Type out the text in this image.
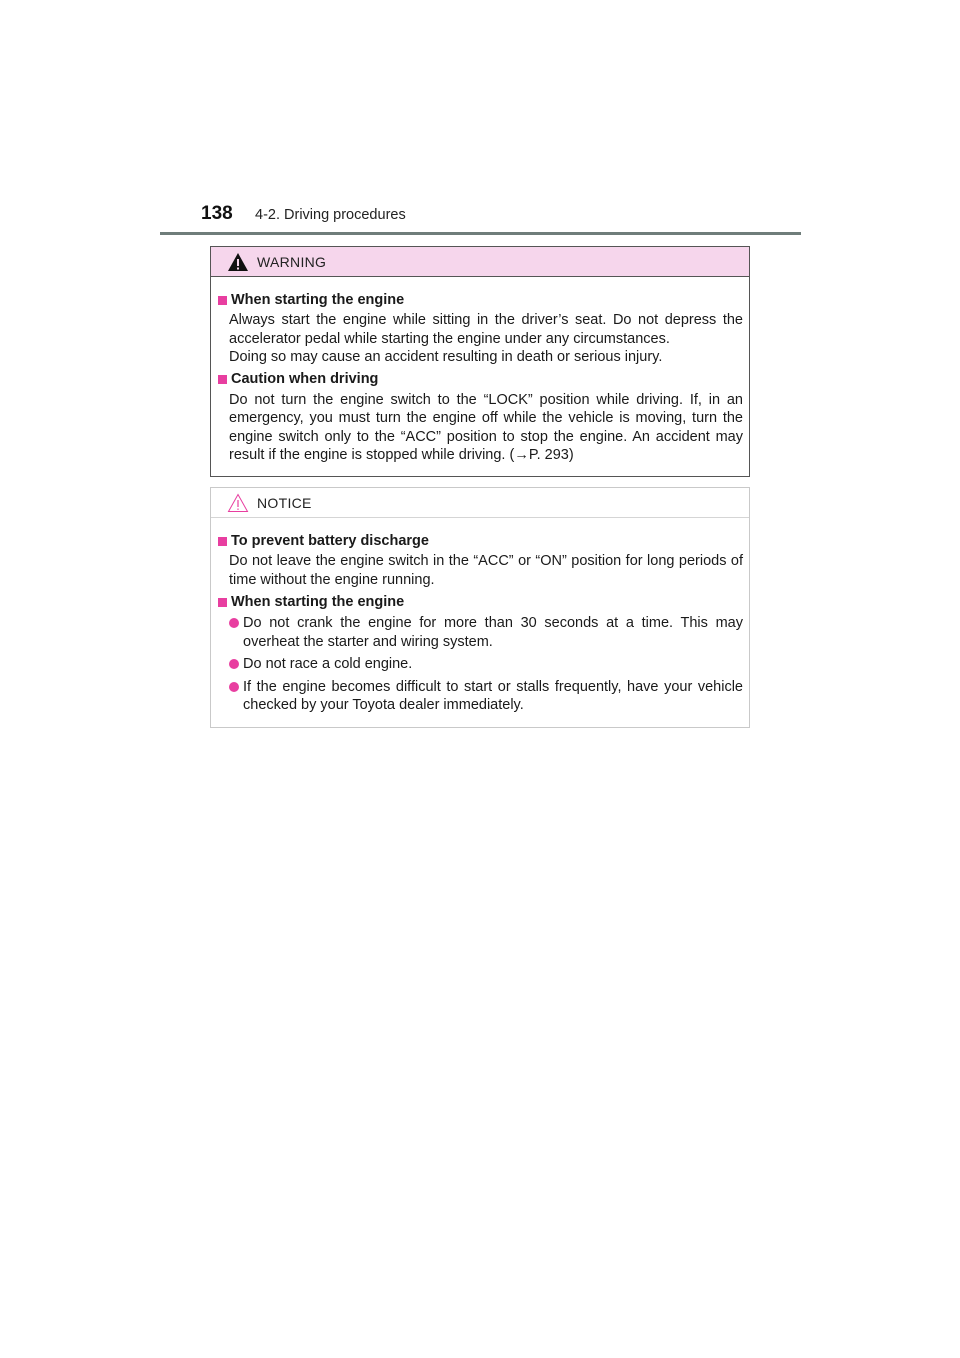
138	4-2. Driving procedures
WARNING
When starting the engine

Always start the engine while sitting in the driver’s seat. Do not depress the accelerator pedal while starting the engine under any circumstances.

Doing so may cause an accident resulting in death or serious injury.

Caution when driving

Do not turn the engine switch to the “LOCK” position while driving. If, in an emergency, you must turn the engine off while the vehicle is moving, turn the engine switch only to the “ACC” position to stop the engine. An accident may result if the engine is stopped while driving. (→P. 293)

NOTICE
To prevent battery discharge

Do not leave the engine switch in the “ACC” or “ON” position for long periods of time without the engine running.

When starting the engine
Do not crank the engine for more than 30 seconds at a time. This may overheat the starter and wiring system.
Do not race a cold engine.
If the engine becomes difficult to start or stalls frequently, have your vehicle checked by your Toyota dealer immediately.
